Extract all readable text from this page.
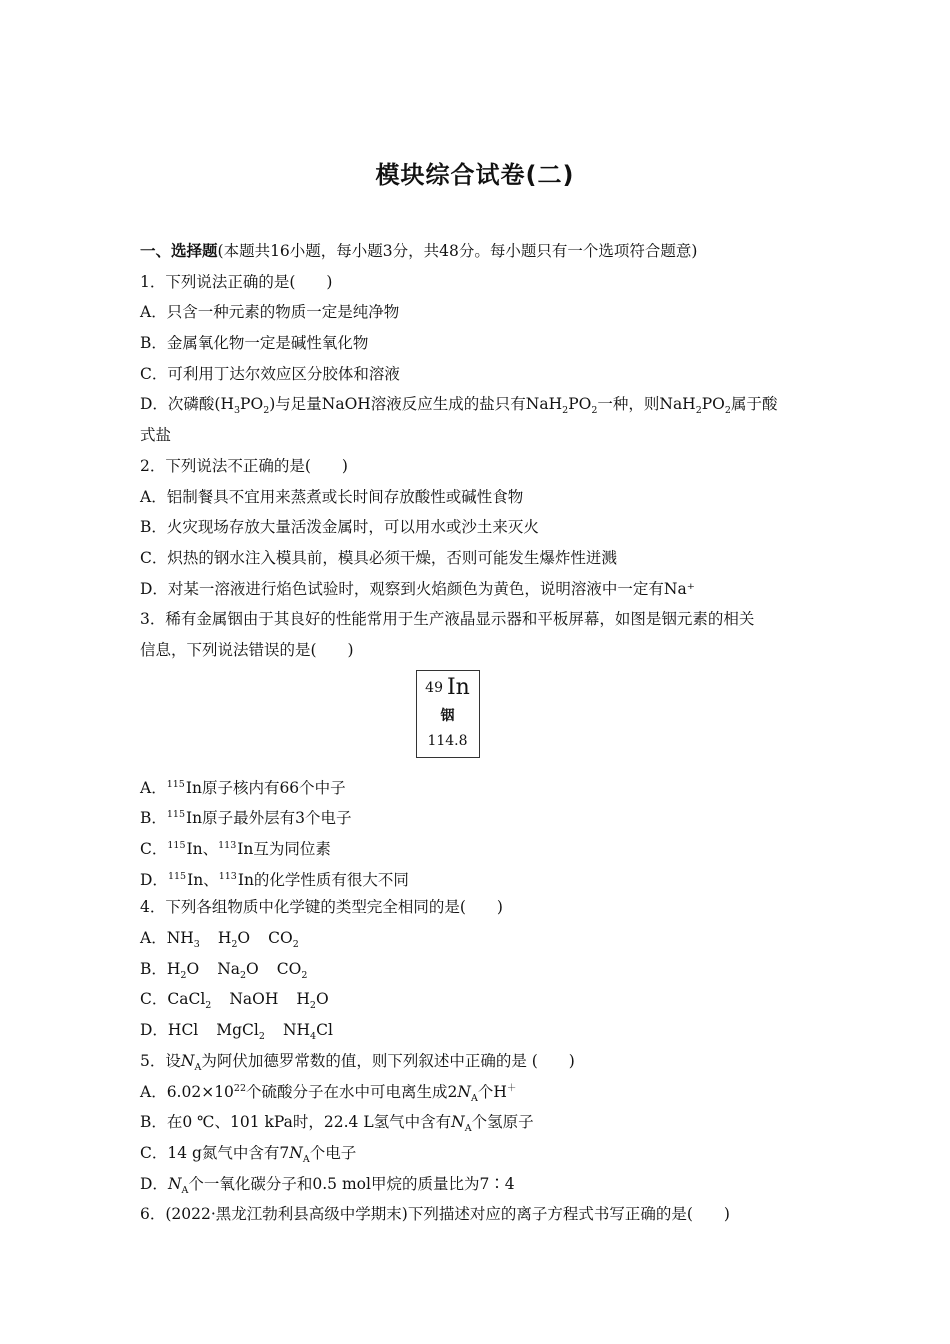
模块综合试卷(二)
一、选择题(本题共16小题，每小题3分，共48分。每小题只有一个选项符合题意)
1．下列说法正确的是(　　)
A．只含一种元素的物质一定是纯净物
B．金属氧化物一定是碱性氧化物
C．可利用丁达尔效应区分胶体和溶液
D．次磷酸$(H_3PO_2)$与足量NaOH溶液反应生成的盐只有$NaH_2PO_2$一种，则$NaH_2PO_2$属于酸
式盐
2．下列说法不正确的是(　　)
A．铝制餐具不宜用来蒸煮或长时间存放酸性或碱性食物
B．火灾现场存放大量活泼金属时，可以用水或沙土来灭火
C．炽热的钢水注入模具前，模具必须干燥，否则可能发生爆炸性迸溅
D．对某一溶液进行焰色试验时，观察到火焰颜色为黄色，说明溶液中一定有Na⁺
3．稀有金属铟由于其良好的性能常用于生产液晶显示器和平板屏幕，如图是铟元素的相关
信息，下列说法错误的是(　　)
49 In
铟
114.8
A．$^{115}$In原子核内有66个中子
B．$^{115}$In原子最外层有3个电子
C．$^{115}$In、$^{113}$In互为同位素
D．$^{115}$In、$^{113}$In的化学性质有很大不同
4．下列各组物质中化学键的类型完全相同的是(　　)
A．$NH_3$ $H_2O$ $CO_2$
B．$H_2O$ $Na_2O$ $CO_2$
C．CaCl$_2$ NaOH $H_2O$
D．HCl MgCl$_2$ $NH_4Cl$
5．设$N_A$为阿伏加德罗常数的值，则下列叙述中正确的是 (　　)
A．$6.02\times 10^{22}$个硫酸分子在水中可电离生成$2N_A$个H＋
B．在0 ℃、101 kPa时，22.4 L氢气中含有$N_A$个氢原子
C．14 g氮气中含有$7N_A$个电子
D．$N_A$个一氧化碳分子和0.5 mol甲烷的质量比为7∶4
6．(2022·黑龙江勃利县高级中学期末)下列描述对应的离子方程式书写正确的是(　　)
